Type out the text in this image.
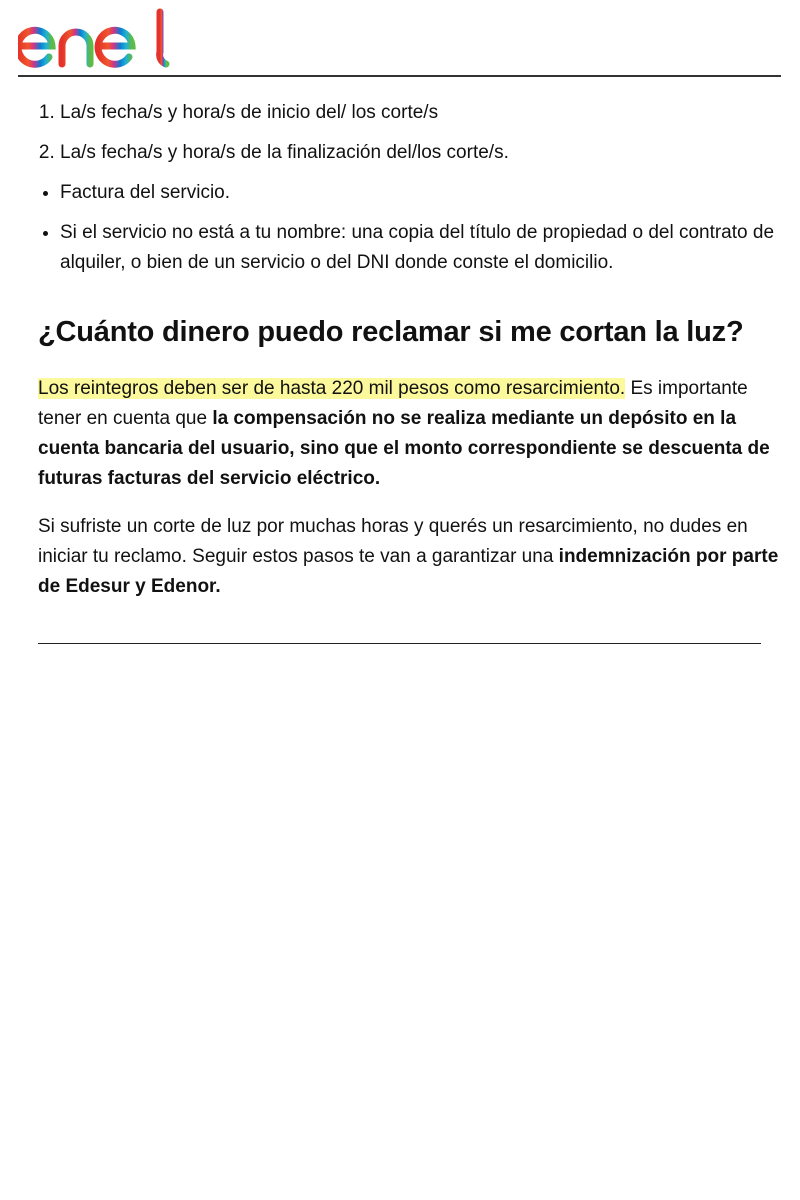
1. La/s fecha/s y hora/s de inicio del/ los corte/s
2. La/s fecha/s y hora/s de la finalización del/los corte/s.
• Factura del servicio.
• Si el servicio no está a tu nombre: una copia del título de propiedad o del contrato de alquiler, o bien de un servicio o del DNI donde conste el domicilio.
¿Cuánto dinero puedo reclamar si me cortan la luz?

Los reintegros deben ser de hasta 220 mil pesos como resarcimiento. Es importante tener en cuenta que la compensación no se realiza mediante un depósito en la cuenta bancaria del usuario, sino que el monto correspondiente se descuenta de futuras facturas del servicio eléctrico.

Si sufriste un corte de luz por muchas horas y querés un resarcimiento, no dudes en iniciar tu reclamo. Seguir estos pasos te van a garantizar una indemnización por parte de Edesur y Edenor.
